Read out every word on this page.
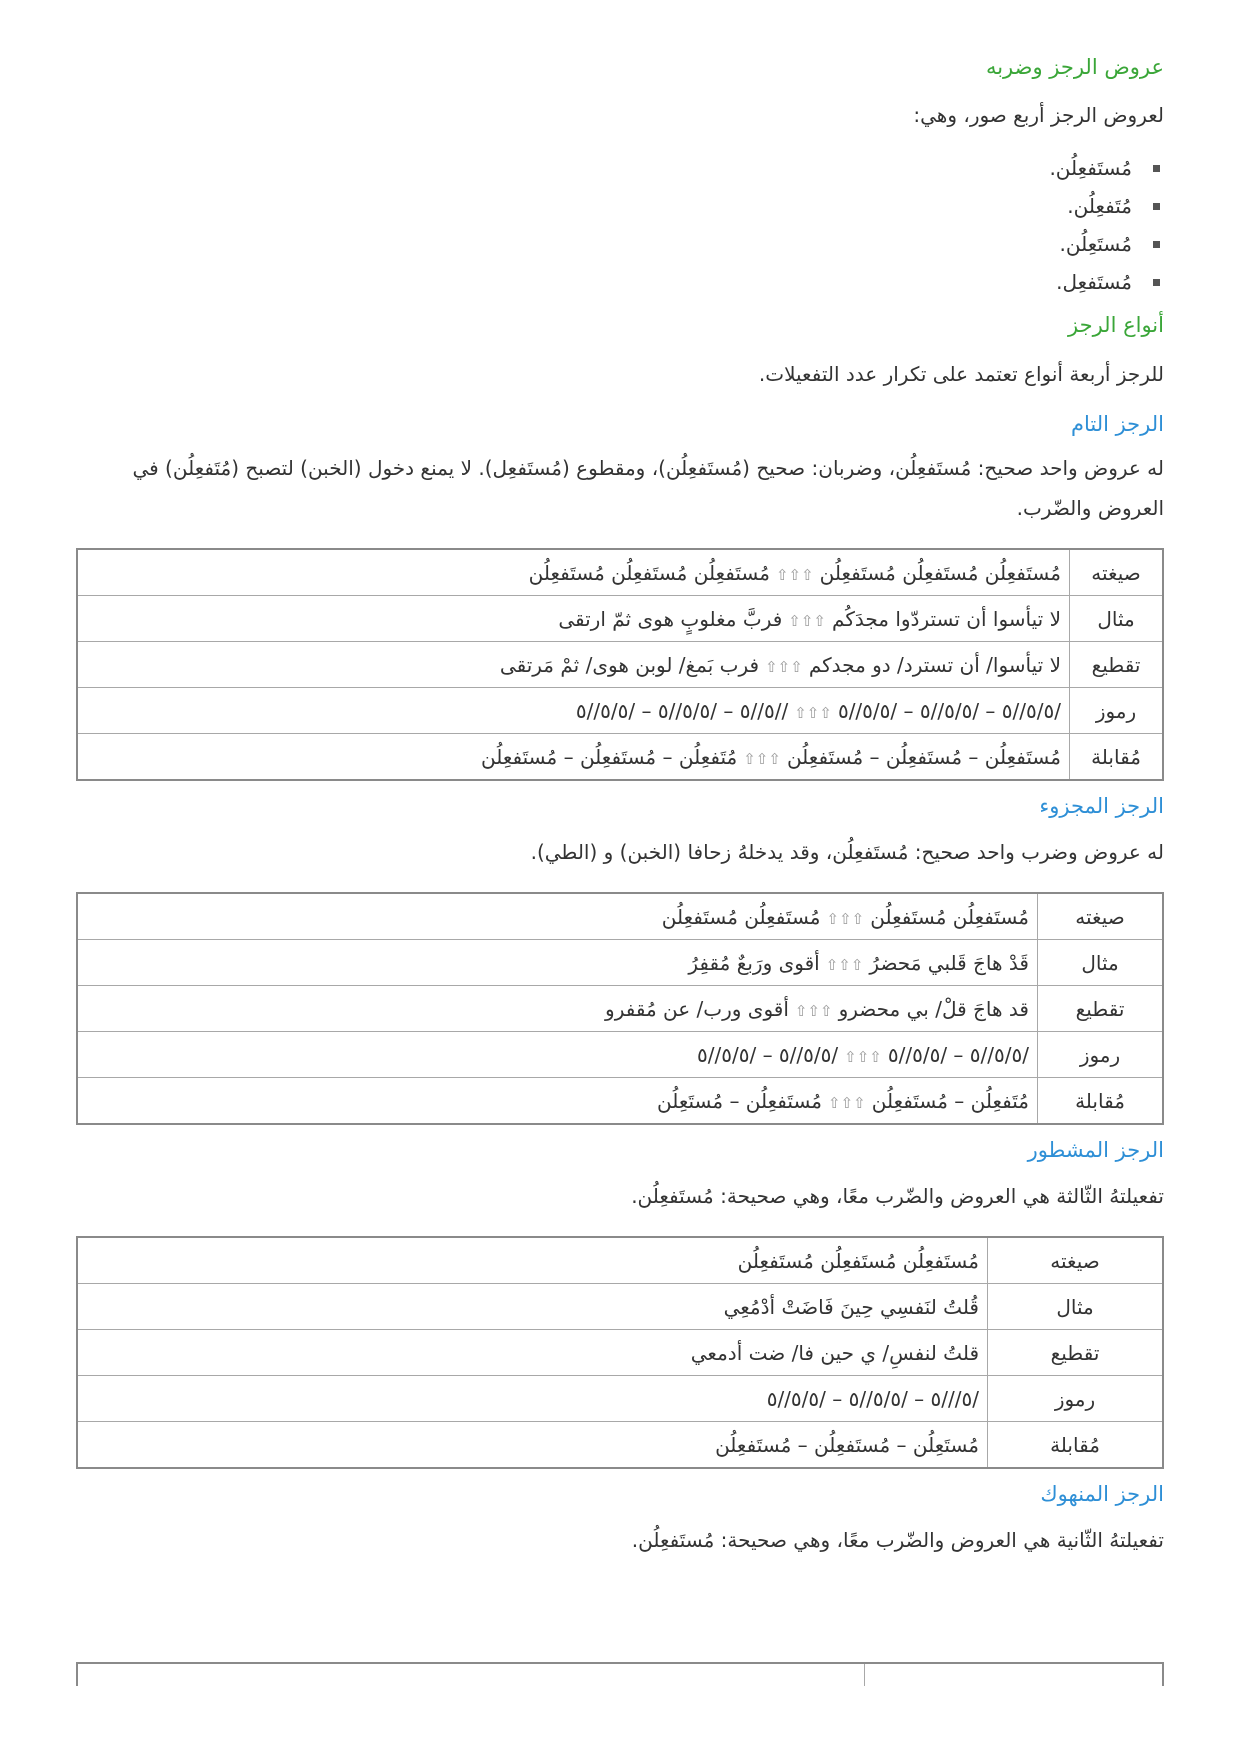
عروض الرجز وضربه

لعروض الرجز أربع صور، وهي:

مُستَفعِلُن.
مُتَفعِلُن.
مُستَعِلُن.
مُستَفعِل.
أنواع الرجز

للرجز أربعة أنواع تعتمد على تكرار عدد التفعيلات.

الرجز التام

له عروض واحد صحيح: مُستَفعِلُن، وضربان: صحيح (مُستَفعِلُن)، ومقطوع (مُستَفعِل). لا يمنع دخول (الخبن) لتصبح (مُتَفعِلُن) في العروض والضّرب.

صيغته	مُستَفعِلُن مُستَفعِلُن مُستَفعِلُن⇧⇧⇧مُستَفعِلُن مُستَفعِلُن مُستَفعِلُن
مثال	لا تيأسوا أن تستردّوا مجدَكُم⇧⇧⇧فربَّ مغلوبٍ هوى ثمّ ارتقى
تقطيع	لا تيأسوا/ أن تسترد/ دو مجدكم⇧⇧⇧فرب بَمغ/ لوبن هوى/ ثمْ مَرتقى
رموز	/٥/٥//٥ – /٥/٥//٥ – /٥/٥//٥⇧⇧⇧//٥//٥ – /٥/٥//٥ – /٥/٥//٥
مُقابلة	مُستَفعِلُن – مُستَفعِلُن – مُستَفعِلُن⇧⇧⇧مُتَفعِلُن – مُستَفعِلُن – مُستَفعِلُن
الرجز المجزوء

له عروض وضرب واحد صحيح: مُستَفعِلُن، وقد يدخلهُ زحافا (الخبن) و (الطي).

صيغته	مُستَفعِلُن مُستَفعِلُن⇧⇧⇧مُستَفعِلُن مُستَفعِلُن
مثال	قَدْ هاجَ قَلبي مَحضرُ⇧⇧⇧أقوى ورَبعٌ مُقفِرُ
تقطيع	قد هاجَ قلْ/ بي محضرو⇧⇧⇧أقوى ورب/ عن مُقفرو
رموز	/٥/٥//٥ – /٥/٥//٥⇧⇧⇧/٥/٥//٥ – /٥/٥//٥
مُقابلة	مُتَفعِلُن – مُستَفعِلُن⇧⇧⇧مُستَفعِلُن – مُستَعِلُن
الرجز المشطور

تفعيلتهُ الثّالثة هي العروض والضّرب معًا، وهي صحيحة: مُستَفعِلُن.

صيغته	مُستَفعِلُن مُستَفعِلُن مُستَفعِلُن
مثال	قُلتُ لنَفسِي حِينَ فَاضَتْ أدْمُعِي
تقطيع	قلتُ لنفسِ/ ي حين فا/ ضت أدمعي
رموز	/٥///٥ – /٥/٥//٥ – /٥/٥//٥
مُقابلة	مُستَعِلُن – مُستَفعِلُن – مُستَفعِلُن
الرجز المنهوك

تفعيلتهُ الثّانية هي العروض والضّرب معًا، وهي صحيحة: مُستَفعِلُن.
